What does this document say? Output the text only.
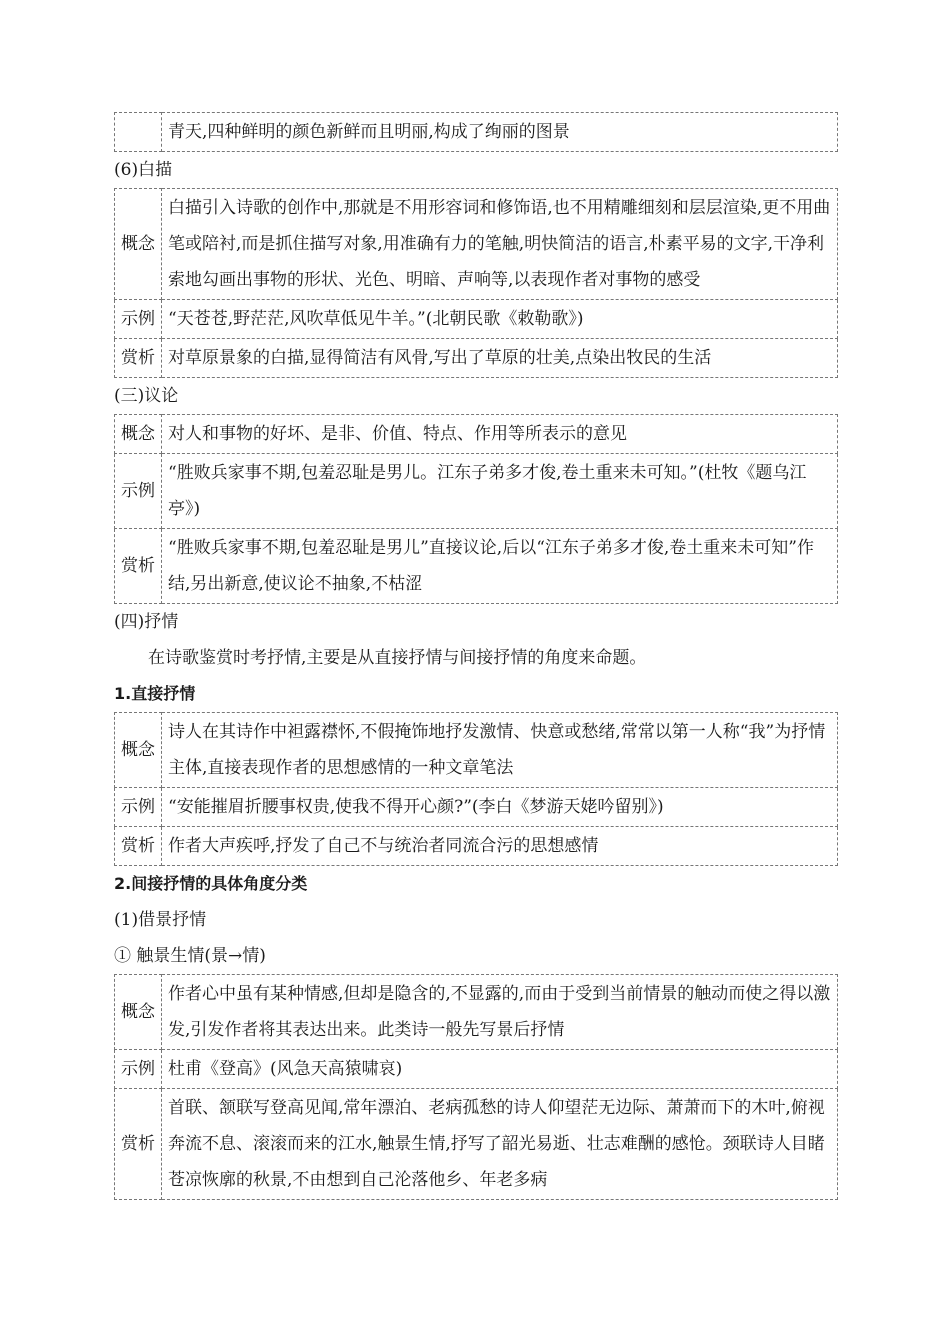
	青天,四种鲜明的颜色新鲜而且明丽,构成了绚丽的图景
(6)白描
概念	白描引入诗歌的创作中,那就是不用形容词和修饰语,也不用精雕细刻和层层渲染,更不用曲笔或陪衬,而是抓住描写对象,用准确有力的笔触,明快简洁的语言,朴素平易的文字,干净利索地勾画出事物的形状、光色、明暗、声响等,以表现作者对事物的感受
示例	“天苍苍,野茫茫,风吹草低见牛羊。”(北朝民歌《敕勒歌》)
赏析	对草原景象的白描,显得简洁有风骨,写出了草原的壮美,点染出牧民的生活
(三)议论
概念	对人和事物的好坏、是非、价值、特点、作用等所表示的意见
示例	“胜败兵家事不期,包羞忍耻是男儿。江东子弟多才俊,卷土重来未可知。”(杜牧《题乌江亭》)
赏析	“胜败兵家事不期,包羞忍耻是男儿”直接议论,后以“江东子弟多才俊,卷土重来未可知”作结,另出新意,使议论不抽象,不枯涩
(四)抒情
在诗歌鉴赏时考抒情,主要是从直接抒情与间接抒情的角度来命题。
1.直接抒情
概念	诗人在其诗作中袒露襟怀,不假掩饰地抒发激情、快意或愁绪,常常以第一人称“我”为抒情主体,直接表现作者的思想感情的一种文章笔法
示例	“安能摧眉折腰事权贵,使我不得开心颜?”(李白《梦游天姥吟留别》)
赏析	作者大声疾呼,抒发了自己不与统治者同流合污的思想感情
2.间接抒情的具体角度分类
(1)借景抒情
① 触景生情(景→情)
概念	作者心中虽有某种情感,但却是隐含的,不显露的,而由于受到当前情景的触动而使之得以激发,引发作者将其表达出来。此类诗一般先写景后抒情
示例	杜甫《登高》(风急天高猿啸哀)
赏析	首联、颔联写登高见闻,常年漂泊、老病孤愁的诗人仰望茫无边际、萧萧而下的木叶,俯视奔流不息、滚滚而来的江水,触景生情,抒写了韶光易逝、壮志难酬的感怆。颈联诗人目睹苍凉恢廓的秋景,不由想到自己沦落他乡、年老多病
